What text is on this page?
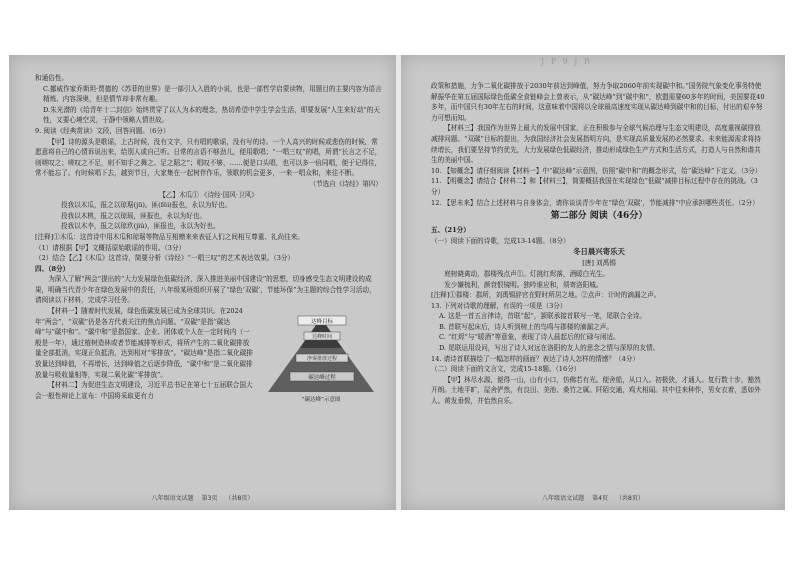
和通俗性。

C.挪威作家乔斯坦·贾德的《苏菲的世界》是一部引人入胜的小说，也是一部哲学启蒙读物，用题目的主要内容为语言精炼、内容深奥，但是情节却非常有趣。

D.朱光潜的《给青年十二封信》始终贯穿了以人为本的理念，热切希望中学生学会生活，即要发展“人生来好动”的天性，又要心境空灵，于静中领略人情世故。

9. 阅读《经典赏读》文段，回答问题。（6分）

【甲】诗的源头是歌谣，上古时候，没有文字，只有唱的歌谣，没有写的诗。一个人高兴的时候或悲伤的时候，常愿意将自己的心情诉说出来，给别人或自己听。日常的言语不够劲儿，便用歌唱；“一唱三叹”的唱，所谓“长言之不足，则嗟叹之；嗟叹之不足，则不知手之舞之、足之蹈之”；唱叹不够，……便是口头唱，也可以多一倍同唱，便于记得住，常不能忘了。有时候唱下去，越到节日，大家集在一起树伴作乐，领歌的机会更多，一来一唱众和，来往不断。

（节选自《诗经》第四）

【乙】木瓜① 《诗经·国风·卫风》

投我以木瓜，报之以琼琚(jū)。匪(fěi)报也，永以为好也。

投我以木桃，报之以琼瑶，匪报也，永以为好也。

投我以木李，报之以琼玖(jiǔ)，匪报也，永以为好也。

[注释]①木瓜：这首诗中用木瓜和琼琚等物品互相赠来来表征人们之间相互尊重、礼尚往来。

（1）请根据【甲】文概括原始歌谣的作用。（3分）

（2）结合【乙】《木瓜》这首诗，简要分析《诗经》“一唱三叹”的艺术表达效果。（3分）

四、（8分）

为深入了解“两会”提出的“大力发展绿色低碳经济，深入推进美丽中国建设”的思想，切身感受生态文明建设的成果，明确当代青少年在绿色发展中的责任，八年级某班组织开展了“绿色‘双碳’，节能环保”为主题的综合性学习活动，请阅读以下材料，完成学习任务。

达峰目标
达峰时间
净零排放过程
碳达峰过程
“碳达峰”示意图

【材料一】随着时代发展，绿色低碳发展已成为全球共识。在2024年“两会”，“双碳”仍是各方代表关注的焦点问题。“双碳”是指“碳达峰”与“碳中和”。“碳中和”是指国家、企业、团体或个人在一定时间内（一般是一年），通过植树造林或者节能减排等形式，将所产生的二氧化碳排放量全部抵消，实现正负抵消，达到相对“零排放”。“碳达峰”是指二氧化碳排放量达到峰值，不再增长，达到峰值之后逐步降低，“碳中和”是二氧化碳排放量与吸收量相等，实现二氧化碳“零排放”。

【材料二】为促进生态文明建设，习近平总书记在第七十五届联合国大会一般性辩论上宣布：中国将采取更有力

八年级语文试题 第3页 （共8页）
J P 9 J R

政策和措施，力争二氧化碳排放于2030年前达到峰值，努力争取2060年前实现碳中和。”国务院气象变化事务特使解振华在第五届国际绿色低碳全食链峰会上曾表示，从“碳达峰”到“碳中和”，欧盟需要60多年的时间，美国要花40多年，而中国只有30年左右的时间，这意味着中国将以全球最高速度实现从碳达峰到碳中和的目标，付出的艰辛努力可想而知。

【材料三】我国作为世界上最大的发展中国家，正在积极参与全球气候治理与生态文明建设，高度重视碳排放减排问题。“双碳”目标的提出，为我国经济社会发展指明方向，是实现高质量发展的必然要求。未来能源需求将持续增长，我们要坚持节约优先，大力发展绿色低碳经济，推动形成绿色生产方式和生活方式，打造人与自然和谐共生的美丽中国。

10. 【知概念】请仔细阅读【材料一】中“碳达峰”示意图，仿照“碳中和”的概念形式，给“碳达峰”下定义。（3分）

11. 【明概念】请结合【材料二】和【材料三】，简要概括我国在实现绿色“低碳”减排目标过程中存在的挑战。（3分）

12. 【思未来】结合上述材料与自身体会，请你谈谈青少年在“绿色‘双碳’，节能减排”中应承担哪些责任。（2分）

第二部分 阅读（46分）

五、（21分）

（一）阅读下面的诗歌，完成13-14题。（8分）

冬日晨兴寄乐天

[唐] 刘禹锡

庭树晓禽动，郡楼残点声①。灯挑红烬落，酒暖白光生。

发少嫌梳利，颜衰恨镜明。独吟谁应和，须寄洛阳城。

[注释]①郡楼：郡所，刘禹锡辞官在野时所居之地。②点声：计时的滴漏之声。

13. 下列对诗歌的理解，有误的一项是（3分）

A. 这是一首五言律诗，首联“起”，颔联承接首联写一笔，尾联合全诗。

B. 首联写起床后，诗人听到树上的鸟鸣与郡楼的滴漏之声。

C. “红烬”与“暖酒”等意象，表现了诗人晨起后的忙碌与闲适。

D. 尾联运用设问，写出了诗人对远在洛阳的友人的思念之情与深厚的友情。

14. 请诗首联描绘了一幅怎样的画面？表达了诗人怎样的情感？（4分）

（二）阅读下面的文言文，完成15-18题。（16分）

【甲】林尽水源，便得一山，山有小口，仿佛若有光。便舍船，从口入。初极狭，才通人。复行数十步，豁然开朗。土地平旷，屋舍俨然，有良田、美池、桑竹之属。阡陌交通，鸡犬相闻。其中往来种作，男女衣着，悉如外人。黄发垂髫，并怡然自乐。

八年级语文试题 第4页 （共8页）
